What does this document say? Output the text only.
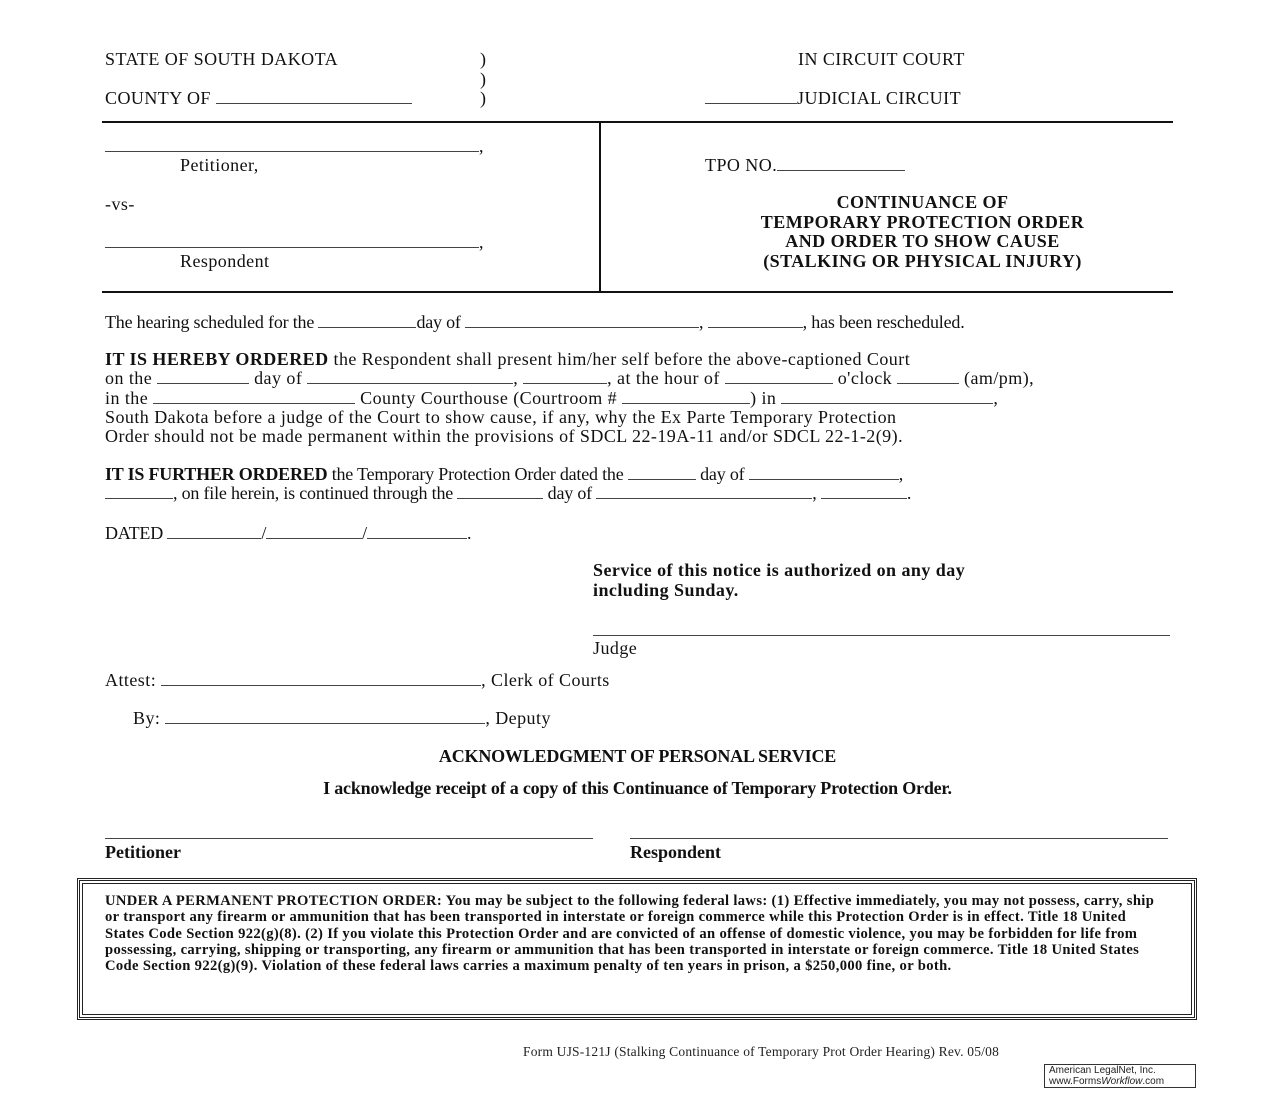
STATE OF SOUTH DAKOTA	)
)
)
COUNTY OF
IN CIRCUIT COURT
JUDICIAL CIRCUIT
,
Petitioner,
-vs-
,
Respondent
TPO NO.
CONTINUANCE OF
TEMPORARY PROTECTION ORDER
AND ORDER TO SHOW CAUSE
(STALKING OR PHYSICAL INJURY)
The hearing scheduled for the	day of	,	, has been rescheduled.
IT IS HEREBY ORDERED the Respondent shall present him/her self before the above-captioned Court
on the	day of	,	, at the hour of	o'clock	(am/pm),
in the	County Courthouse (Courtroom #	) in	,
South Dakota before a judge of the Court to show cause, if any, why the Ex Parte Temporary Protection
Order should not be made permanent within the provisions of SDCL 22-19A-11 and/or SDCL 22-1-2(9).
IT IS FURTHER ORDERED the Temporary Protection Order dated the	day of	,
, on file herein, is continued through the	day of	,	.
DATED	/	/	.
Service of this notice is authorized on any day
including Sunday.
Judge
Attest:	, Clerk of Courts
By:	, Deputy
ACKNOWLEDGMENT OF PERSONAL SERVICE
I acknowledge receipt of a copy of this Continuance of Temporary Protection Order.
Petitioner	Respondent
UNDER A PERMANENT PROTECTION ORDER: You may be subject to the following federal laws: (1) Effective immediately, you may not possess, carry, ship or transport any firearm or ammunition that has been transported in interstate or foreign commerce while this Protection Order is in effect. Title 18 United States Code Section 922(g)(8). (2) If you violate this Protection Order and are convicted of an offense of domestic violence, you may be forbidden for life from possessing, carrying, shipping or transporting, any firearm or ammunition that has been transported in interstate or foreign commerce. Title 18 United States Code Section 922(g)(9). Violation of these federal laws carries a maximum penalty of ten years in prison, a $250,000 fine, or both.
Form UJS-121J (Stalking Continuance of Temporary Prot Order Hearing) Rev. 05/08
American LegalNet, Inc.
www.FormsWorkflow.com
